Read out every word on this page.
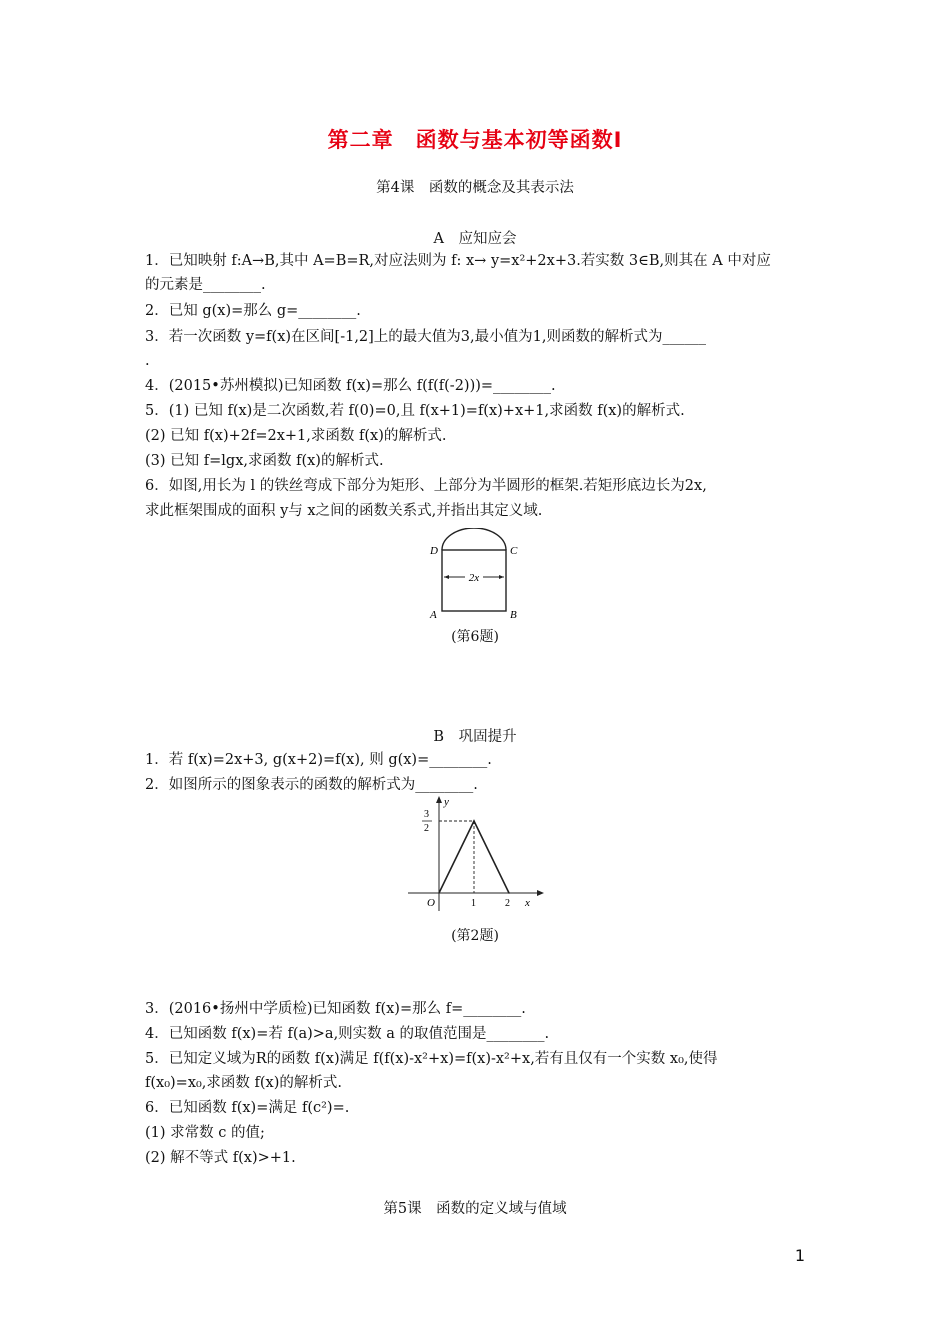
第二章　函数与基本初等函数Ⅰ
第4课　函数的概念及其表示法
A　应知应会
1．已知映射 f:A→B,其中 A=B=R,对应法则为 f: x→ y=x²+2x+3.若实数 3∈B,则其在 A 中对应
的元素是________.
2．已知 g(x)=那么 g=________.
3．若一次函数 y=f(x)在区间[-1,2]上的最大值为3,最小值为1,则函数的解析式为______
.
4．(2015•苏州模拟)已知函数 f(x)=那么 f(f(f(-2)))=________.
5．(1) 已知 f(x)是二次函数,若 f(0)=0,且 f(x+1)=f(x)+x+1,求函数 f(x)的解析式.
(2) 已知 f(x)+2f=2x+1,求函数 f(x)的解析式.
(3) 已知 f=lgx,求函数 f(x)的解析式.
6．如图,用长为 l 的铁丝弯成下部分为矩形、上部分为半圆形的框架.若矩形底边长为2x,
求此框架围成的面积 y与 x之间的函数关系式,并指出其定义域.
2x
D	C
A	B
(第6题)
B　巩固提升
1．若 f(x)=2x+3, g(x+2)=f(x), 则 g(x)=________.
2．如图所示的图象表示的函数的解析式为________.
y
x
O
3
2
1	2
(第2题)
3．(2016•扬州中学质检)已知函数 f(x)=那么 f=________.
4．已知函数 f(x)=若 f(a)>a,则实数 a 的取值范围是________.
5．已知定义域为R的函数 f(x)满足 f(f(x)-x²+x)=f(x)-x²+x,若有且仅有一个实数 x₀,使得
f(x₀)=x₀,求函数 f(x)的解析式.
6．已知函数 f(x)=满足 f(c²)=.
(1) 求常数 c 的值;
(2) 解不等式 f(x)>+1.
第5课　函数的定义域与值域
1
